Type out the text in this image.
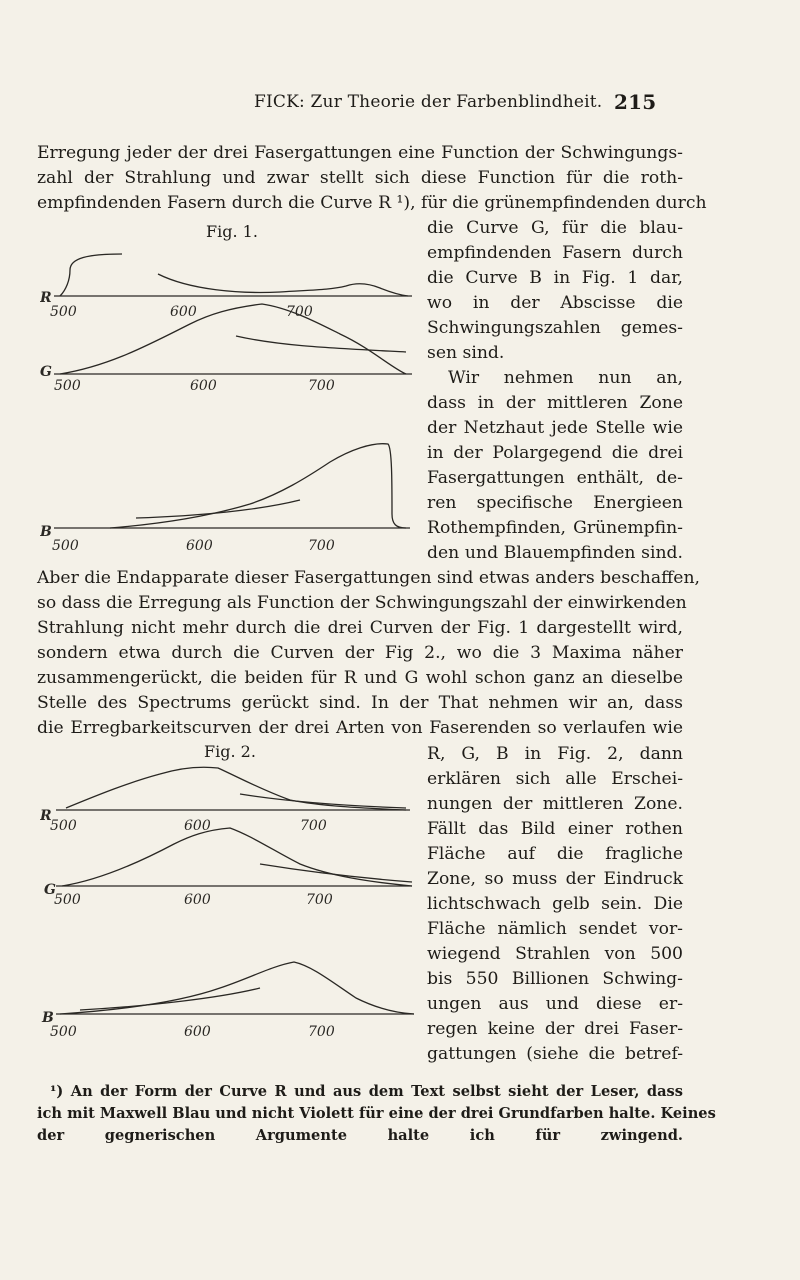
FICK: Zur Theorie der Farbenblindheit. 215
Erregung jeder der drei Fasergattungen eine Function der Schwingungs-
zahl der Strahlung und zwar stellt sich diese Function für die roth-
empfindenden Fasern durch die Curve R ¹), für die grünempfindenden durch
die Curve G, für die blau-
empfindenden Fasern durch
die Curve B in Fig. 1 dar,
wo in der Abscisse die
Schwingungszahlen gemes-
sen sind.
Wir nehmen nun an,
dass in der mittleren Zone
der Netzhaut jede Stelle wie
in der Polargegend die drei
Fasergattungen enthält, de-
ren specifische Energieen
Rothempfinden, Grünempfin-
den und Blauempfinden sind.
Aber die Endapparate dieser Fasergattungen sind etwas anders beschaffen,
so dass die Erregung als Function der Schwingungszahl der einwirkenden
Strahlung nicht mehr durch die drei Curven der Fig. 1 dargestellt wird,
sondern etwa durch die Curven der Fig 2., wo die 3 Maxima näher
zusammengerückt, die beiden für R und G wohl schon ganz an dieselbe
Stelle des Spectrums gerückt sind. In der That nehmen wir an, dass
die Erregbarkeitscurven der drei Arten von Faserenden so verlaufen wie
R, G, B in Fig. 2, dann
erklären sich alle Erschei-
nungen der mittleren Zone.
Fällt das Bild einer rothen
Fläche auf die fragliche
Zone, so muss der Eindruck
lichtschwach gelb sein. Die
Fläche nämlich sendet vor-
wiegend Strahlen von 500
bis 550 Billionen Schwing-
ungen aus und diese er-
regen keine der drei Faser-
gattungen (siehe die betref-
¹) An der Form der Curve R und aus dem Text selbst sieht der Leser, dass
ich mit Maxwell Blau und nicht Violett für eine der drei Grundfarben halte. Keines
der gegnerischen Argumente halte ich für zwingend.
Fig. 1.
R
500	600	700
G
500	600	700
B
500	600	700
Fig. 2.
R
500	600	700
G
500	600	700
B
500	600	700
